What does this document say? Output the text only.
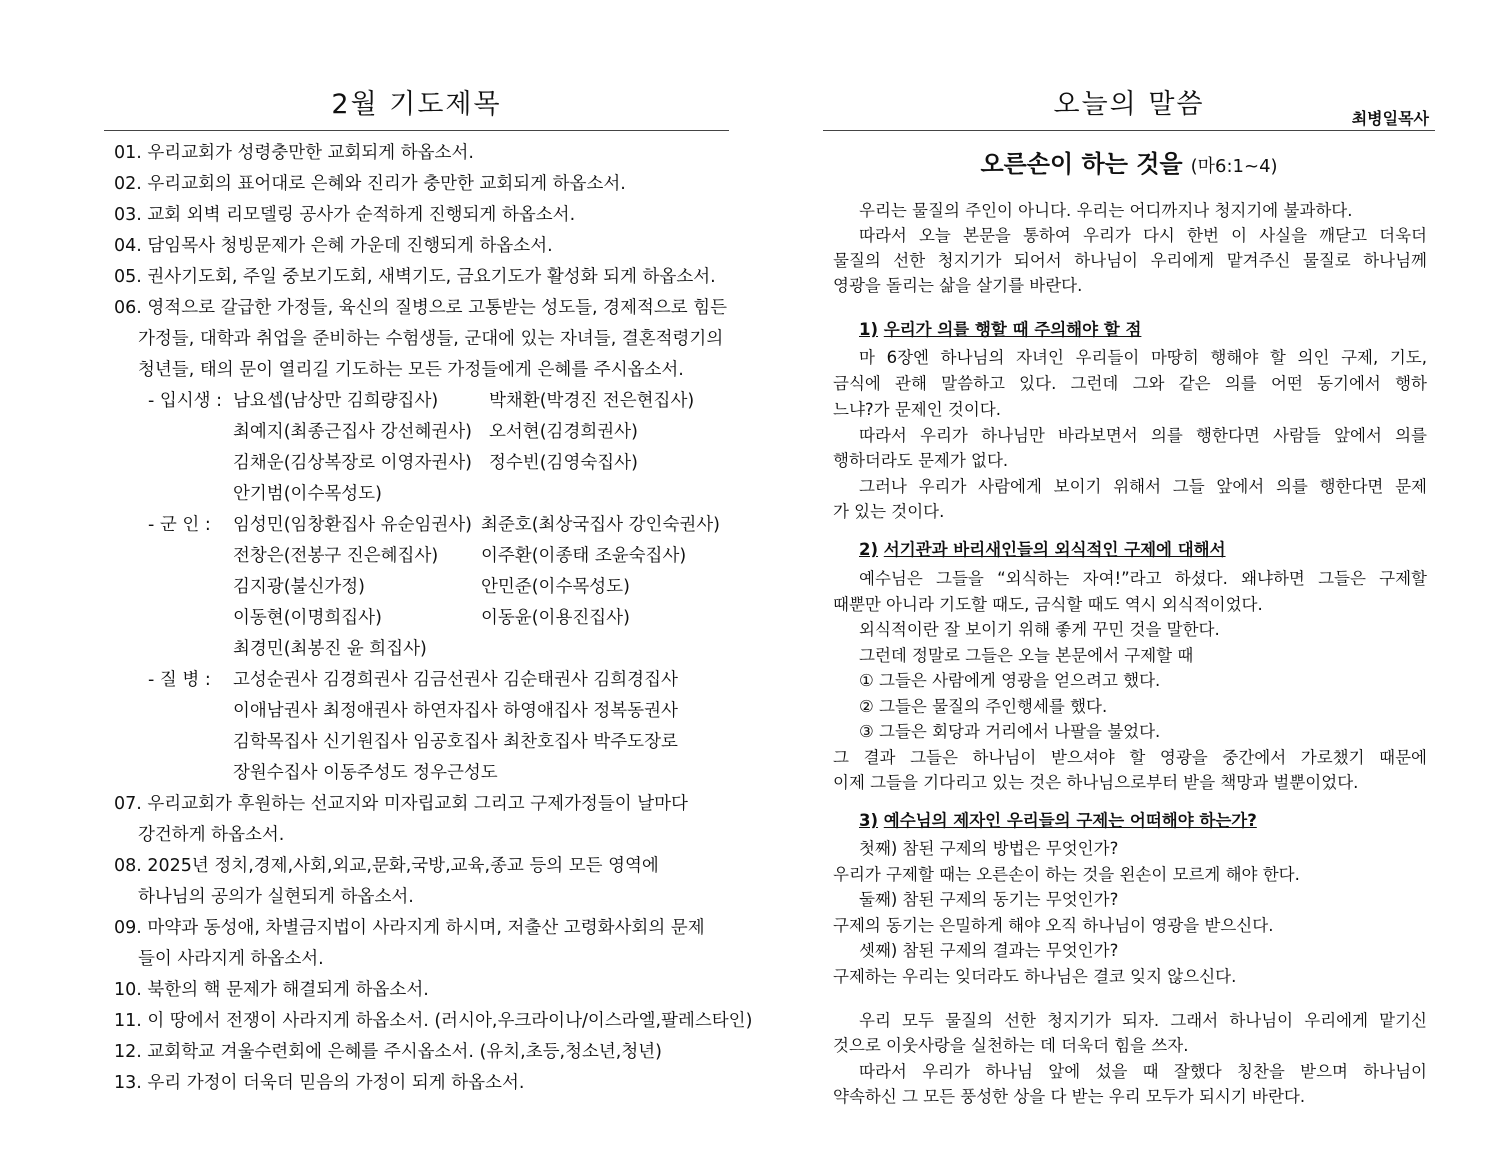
2월 기도제목
01. 우리교회가 성령충만한 교회되게 하옵소서.
02. 우리교회의 표어대로 은혜와 진리가 충만한 교회되게 하옵소서.
03. 교회 외벽 리모델링 공사가 순적하게 진행되게 하옵소서.
04. 담임목사 청빙문제가 은혜 가운데 진행되게 하옵소서.
05. 권사기도회, 주일 중보기도회, 새벽기도, 금요기도가 활성화 되게 하옵소서.
06. 영적으로 갈급한 가정들, 육신의 질병으로 고통받는 성도들, 경제적으로 힘든
가정들, 대학과 취업을 준비하는 수험생들, 군대에 있는 자녀들, 결혼적령기의
청년들, 태의 문이 열리길 기도하는 모든 가정들에게 은혜를 주시옵소서.
- 입시생 : 남요셉(남상만 김희량집사)	박채환(박경진 전은현집사)
최예지(최종근집사 강선혜권사) 오서현(김경희권사)
김채운(김상복장로 이영자권사) 정수빈(김영숙집사)
안기범(이수목성도)
- 군 인 : 임성민(임창환집사 유순임권사) 최준호(최상국집사 강인숙권사)
전창은(전봉구 진은혜집사) 이주환(이종태 조윤숙집사)
김지광(불신가정)	안민준(이수목성도)
이동현(이명희집사)	이동윤(이용진집사)
최경민(최봉진 윤 희집사)
- 질 병 : 고성순권사 김경희권사 김금선권사 김순태권사 김희경집사
이애남권사 최정애권사 하연자집사 하영애집사 정복동권사
김학목집사 신기원집사 임공호집사 최찬호집사 박주도장로
장원수집사 이동주성도 정우근성도
07. 우리교회가 후원하는 선교지와 미자립교회 그리고 구제가정들이 날마다
강건하게 하옵소서.
08. 2025년 정치,경제,사회,외교,문화,국방,교육,종교 등의 모든 영역에
하나님의 공의가 실현되게 하옵소서.
09. 마약과 동성애, 차별금지법이 사라지게 하시며, 저출산 고령화사회의 문제
들이 사라지게 하옵소서.
10. 북한의 핵 문제가 해결되게 하옵소서.
11. 이 땅에서 전쟁이 사라지게 하옵소서. (러시아,우크라이나/이스라엘,팔레스타인)
12. 교회학교 겨울수련회에 은혜를 주시옵소서. (유치,초등,청소년,청년)
13. 우리 가정이 더욱더 믿음의 가정이 되게 하옵소서.
오늘의 말씀	최병일목사
오른손이 하는 것을 (마6:1~4)
우리는 물질의 주인이 아니다. 우리는 어디까지나 청지기에 불과하다.
따라서 오늘 본문을 통하여 우리가 다시 한번 이 사실을 깨닫고 더욱더
물질의 선한 청지기가 되어서 하나님이 우리에게 맡겨주신 물질로 하나님께
영광을 돌리는 삶을 살기를 바란다.
1) 우리가 의를 행할 때 주의해야 할 점
마 6장엔 하나님의 자녀인 우리들이 마땅히 행해야 할 의인 구제, 기도,
금식에 관해 말씀하고 있다. 그런데 그와 같은 의를 어떤 동기에서 행하
느냐?가 문제인 것이다.
따라서 우리가 하나님만 바라보면서 의를 행한다면 사람들 앞에서 의를
행하더라도 문제가 없다.
그러나 우리가 사람에게 보이기 위해서 그들 앞에서 의를 행한다면 문제
가 있는 것이다.
2) 서기관과 바리새인들의 외식적인 구제에 대해서
예수님은 그들을 “외식하는 자여!”라고 하셨다. 왜냐하면 그들은 구제할
때뿐만 아니라 기도할 때도, 금식할 때도 역시 외식적이었다.
외식적이란 잘 보이기 위해 좋게 꾸민 것을 말한다.
그런데 정말로 그들은 오늘 본문에서 구제할 때
① 그들은 사람에게 영광을 얻으려고 했다.
② 그들은 물질의 주인행세를 했다.
③ 그들은 회당과 거리에서 나팔을 불었다.
그 결과 그들은 하나님이 받으셔야 할 영광을 중간에서 가로챘기 때문에
이제 그들을 기다리고 있는 것은 하나님으로부터 받을 책망과 벌뿐이었다.
3) 예수님의 제자인 우리들의 구제는 어떠해야 하는가?
첫째) 참된 구제의 방법은 무엇인가?
우리가 구제할 때는 오른손이 하는 것을 왼손이 모르게 해야 한다.
둘째) 참된 구제의 동기는 무엇인가?
구제의 동기는 은밀하게 해야 오직 하나님이 영광을 받으신다.
셋째) 참된 구제의 결과는 무엇인가?
구제하는 우리는 잊더라도 하나님은 결코 잊지 않으신다.
우리 모두 물질의 선한 청지기가 되자. 그래서 하나님이 우리에게 맡기신
것으로 이웃사랑을 실천하는 데 더욱더 힘을 쓰자.
따라서 우리가 하나님 앞에 섰을 때 잘했다 칭찬을 받으며 하나님이
약속하신 그 모든 풍성한 상을 다 받는 우리 모두가 되시기 바란다.
